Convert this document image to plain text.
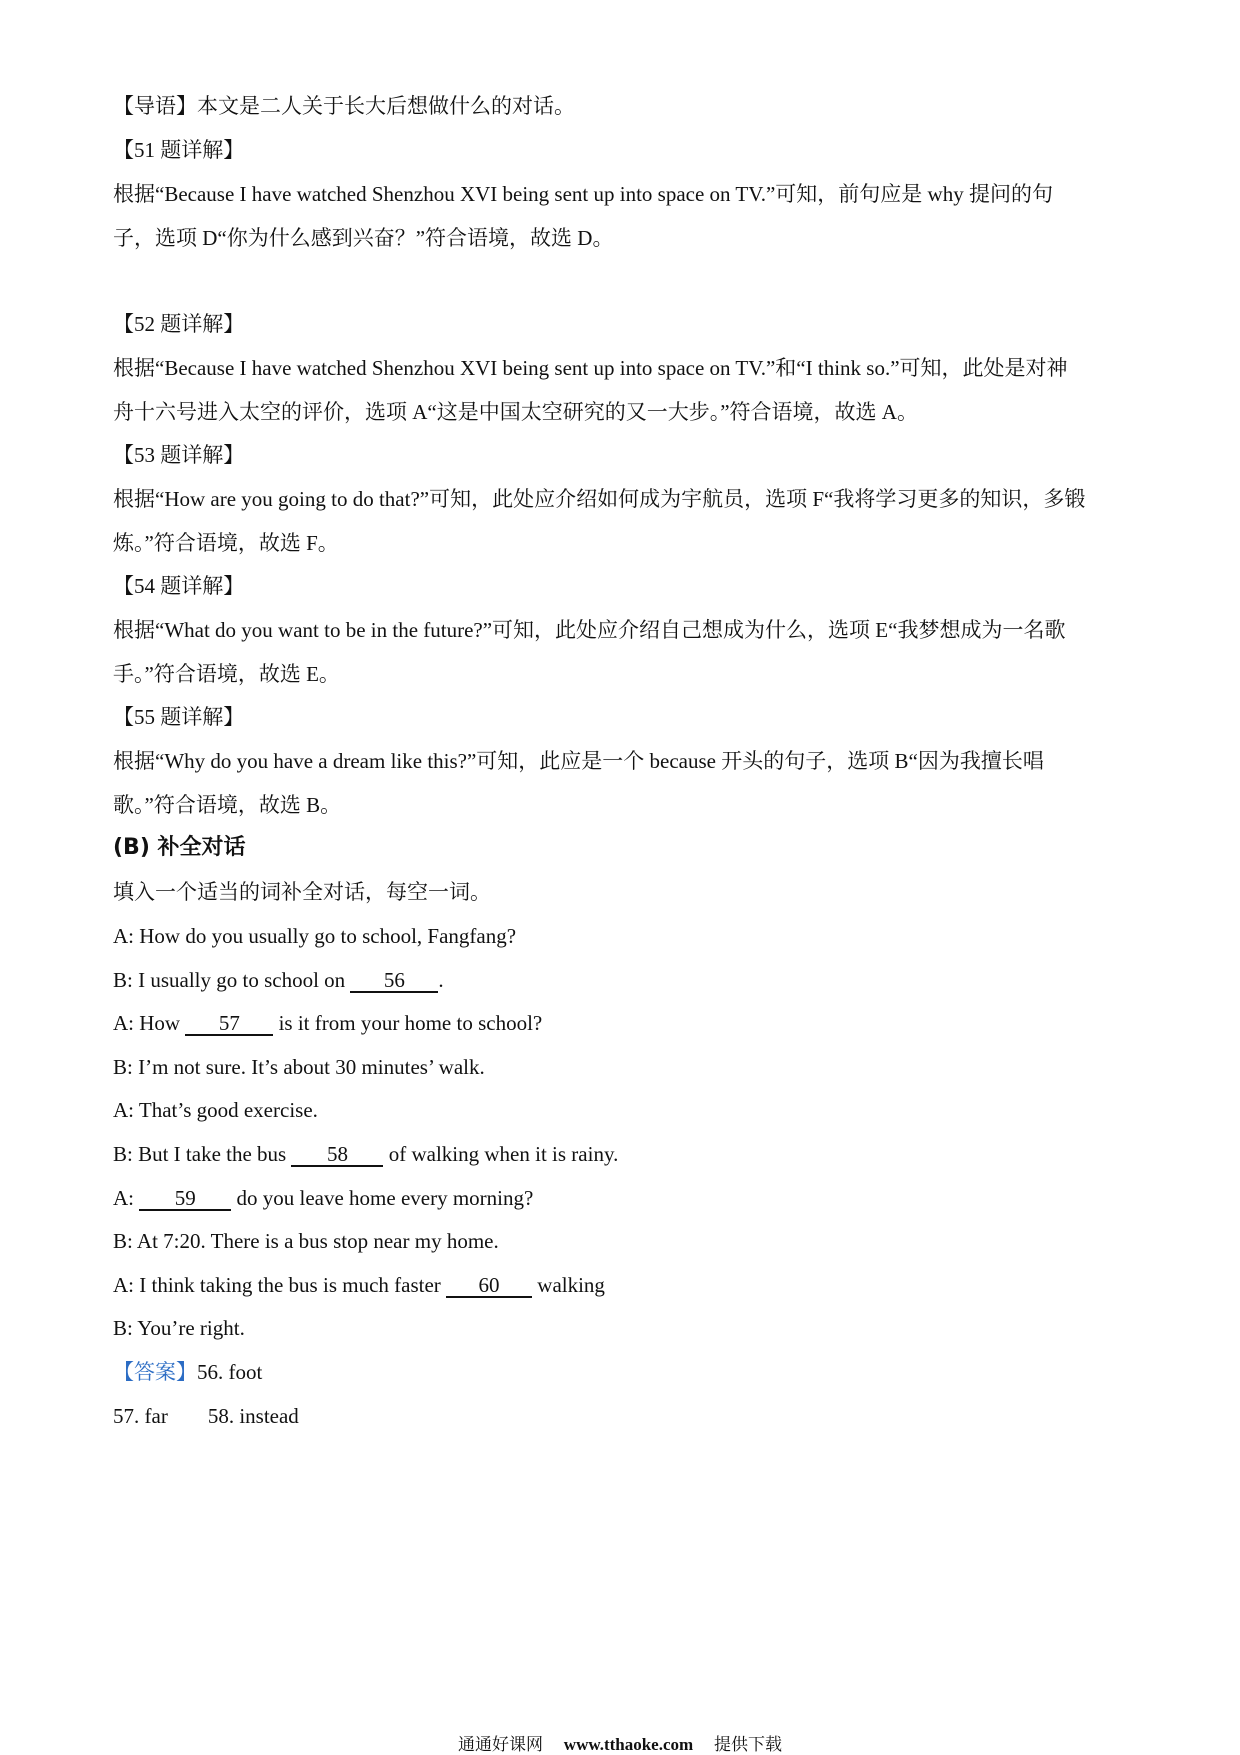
【导语】本文是二人关于长大后想做什么的对话。
【51 题详解】
根据“Because I have watched Shenzhou XVI being sent up into space on TV.”可知，前句应是 why 提问的句
子，选项 D“你为什么感到兴奋？”符合语境，故选 D。
【52 题详解】
根据“Because I have watched Shenzhou XVI being sent up into space on TV.”和“I think so.”可知，此处是对神
舟十六号进入太空的评价，选项 A“这是中国太空研究的又一大步。”符合语境，故选 A。
【53 题详解】
根据“How are you going to do that?”可知，此处应介绍如何成为宇航员，选项 F“我将学习更多的知识，多锻
炼。”符合语境，故选 F。
【54 题详解】
根据“What do you want to be in the future?”可知，此处应介绍自己想成为什么，选项 E“我梦想成为一名歌
手。”符合语境，故选 E。
【55 题详解】
根据“Why do you have a dream like this?”可知，此应是一个 because 开头的句子，选项 B“因为我擅长唱
歌。”符合语境，故选 B。
(B) 补全对话
填入一个适当的词补全对话，每空一词。
A: How do you usually go to school, Fangfang?
B: I usually go to school on 56 .
A: How 57 is it from your home to school?
B: I’m not sure. It’s about 30 minutes’ walk.
A: That’s good exercise.
B: But I take the bus 58 of walking when it is rainy.
A: 59 do you leave home every morning?
B: At 7:20. There is a bus stop near my home.
A: I think taking the bus is much faster 60 walking
B: You’re right.
【答案】56. foot
57. far 58. instead
通通好课网 www.tthaoke.com 提供下载
